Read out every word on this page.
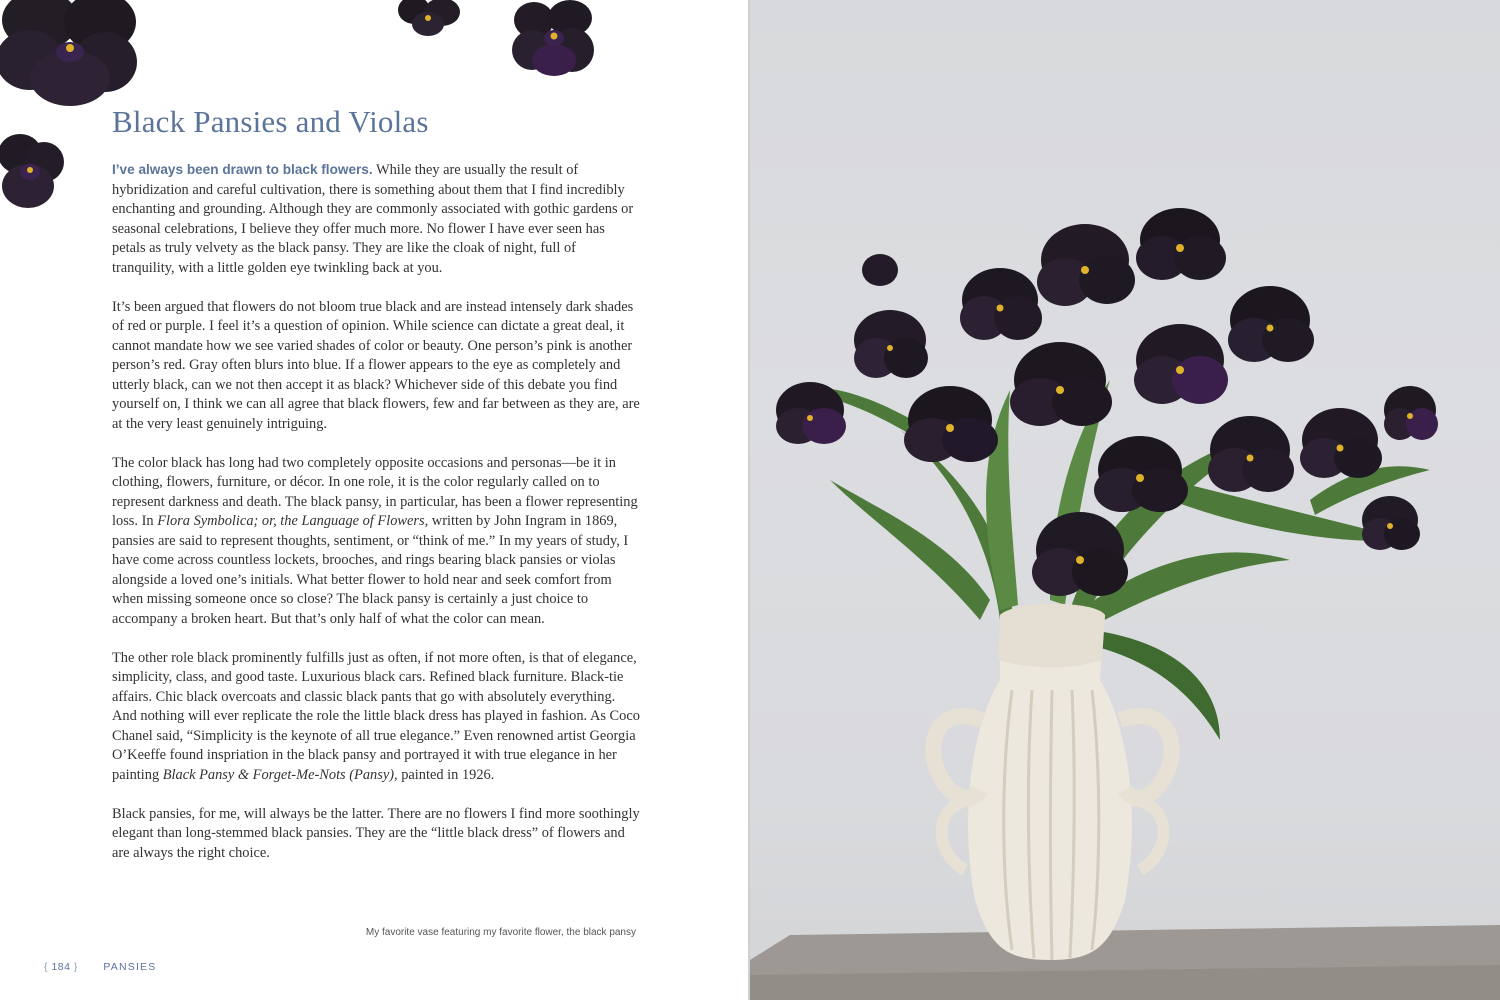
Black Pansies and Violas

I’ve always been drawn to black flowers. While they are usually the result of hybridization and careful cultivation, there is something about them that I find incredibly enchanting and grounding. Although they are commonly associated with gothic gardens or seasonal celebrations, I believe they offer much more. No flower I have ever seen has petals as truly velvety as the black pansy. They are like the cloak of night, full of tranquility, with a little golden eye twinkling back at you.

It’s been argued that flowers do not bloom true black and are instead intensely dark shades of red or purple. I feel it’s a question of opinion. While science can dictate a great deal, it cannot mandate how we see varied shades of color or beauty. One person’s pink is another person’s red. Gray often blurs into blue. If a flower appears to the eye as completely and utterly black, can we not then accept it as black? Whichever side of this debate you find yourself on, I think we can all agree that black flowers, few and far between as they are, are at the very least genuinely intriguing.

The color black has long had two completely opposite occasions and personas—be it in clothing, flowers, furniture, or décor. In one role, it is the color regularly called on to represent darkness and death. The black pansy, in particular, has been a flower representing loss. In Flora Symbolica; or, the Language of Flowers, written by John Ingram in 1869, pansies are said to represent thoughts, sentiment, or “think of me.” In my years of study, I have come across countless lockets, brooches, and rings bearing black pansies or violas alongside a loved one’s initials. What better flower to hold near and seek comfort from when missing someone once so close? The black pansy is certainly a just choice to accompany a broken heart. But that’s only half of what the color can mean.

The other role black prominently fulfills just as often, if not more often, is that of elegance, simplicity, class, and good taste. Luxurious black cars. Refined black furniture. Black-tie affairs. Chic black overcoats and classic black pants that go with absolutely everything. And nothing will ever replicate the role the little black dress has played in fashion. As Coco Chanel said, “Simplicity is the keynote of all true elegance.” Even renowned artist Georgia O’Keeffe found inspriation in the black pansy and portrayed it with true elegance in her painting Black Pansy & Forget-Me-Nots (Pansy), painted in 1926.

Black pansies, for me, will always be the latter. There are no flowers I find more soothingly elegant than long-stemmed black pansies. They are the “little black dress” of flowers and are always the right choice.

My favorite vase featuring my favorite flower, the black pansy
{ 184 } PANSIES
